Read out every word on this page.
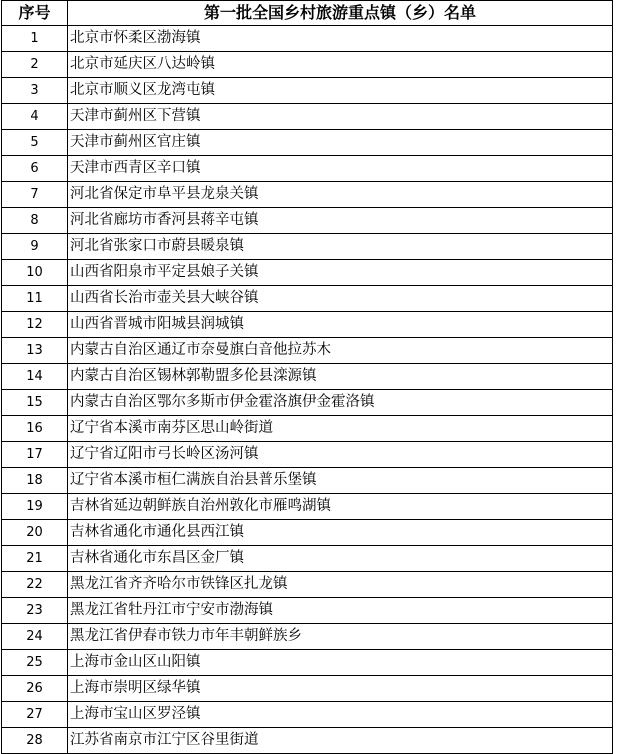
序号	第一批全国乡村旅游重点镇（乡）名单
1	北京市怀柔区渤海镇
2	北京市延庆区八达岭镇
3	北京市顺义区龙湾屯镇
4	天津市蓟州区下营镇
5	天津市蓟州区官庄镇
6	天津市西青区辛口镇
7	河北省保定市阜平县龙泉关镇
8	河北省廊坊市香河县蒋辛屯镇
9	河北省张家口市蔚县暖泉镇
10	山西省阳泉市平定县娘子关镇
11	山西省长治市壶关县大峡谷镇
12	山西省晋城市阳城县润城镇
13	内蒙古自治区通辽市奈曼旗白音他拉苏木
14	内蒙古自治区锡林郭勒盟多伦县滦源镇
15	内蒙古自治区鄂尔多斯市伊金霍洛旗伊金霍洛镇
16	辽宁省本溪市南芬区思山岭街道
17	辽宁省辽阳市弓长岭区汤河镇
18	辽宁省本溪市桓仁满族自治县普乐堡镇
19	吉林省延边朝鲜族自治州敦化市雁鸣湖镇
20	吉林省通化市通化县西江镇
21	吉林省通化市东昌区金厂镇
22	黑龙江省齐齐哈尔市铁锋区扎龙镇
23	黑龙江省牡丹江市宁安市渤海镇
24	黑龙江省伊春市铁力市年丰朝鲜族乡
25	上海市金山区山阳镇
26	上海市崇明区绿华镇
27	上海市宝山区罗泾镇
28	江苏省南京市江宁区谷里街道
